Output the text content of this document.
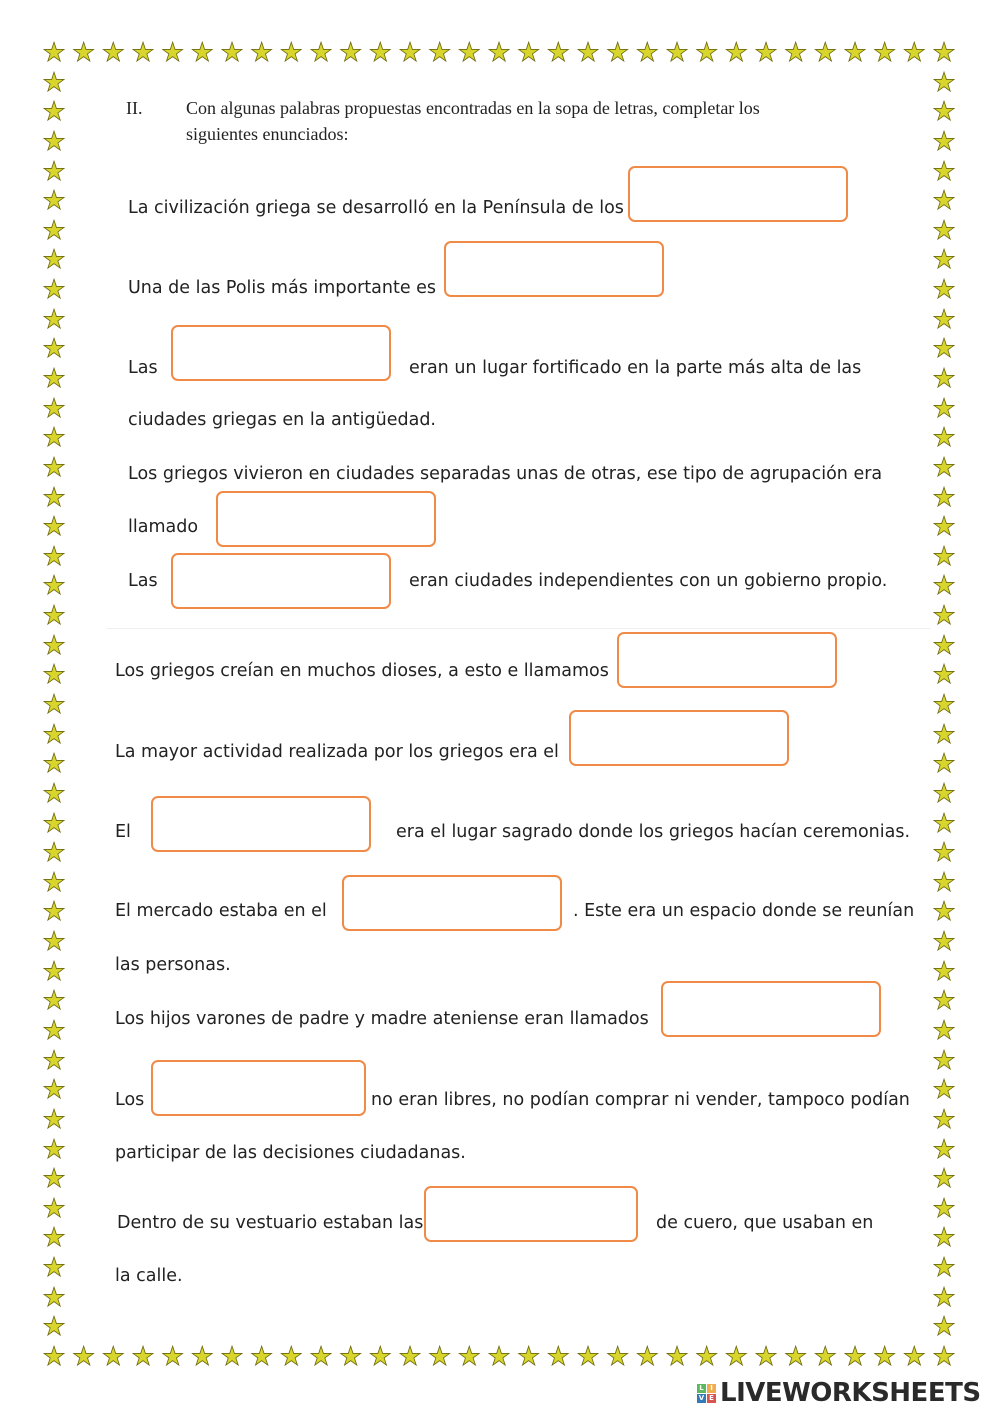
★
★
★
★
★
★
★
★
★
★
★
★
★
★
★
★
★
★
★
★
★
★
★
★
★
★
★
★
★
★
★
★
★
★
★
★
★
★
★
★
★
★
★
★
★
★
★
★
★
★
★
★
★
★
★
★
★
★
★
★
★
★
★	★
★	★
★	★
★	★
★	★
★	★
★	★
★	★
★	★
★	★
★	★
★	★
★	★
★	★
★	★
★	★
★	★
★	★
★	★
★	★
★	★
★	★
★	★
★	★
★	★
★	★
★	★
★	★
★	★
★	★
★	★
★	★
★	★
★	★
★	★
★	★
★	★
★	★
★	★
★	★
★	★
★	★
★	★
II. Con algunas palabras propuestas encontradas en la sopa de letras, completar los
siguientes enunciados:
La civilización griega se desarrolló en la Península de los
Una de las Polis más importante es
Las	eran un lugar fortificado en la parte más alta de las
ciudades griegas en la antigüedad.
Los griegos vivieron en ciudades separadas unas de otras, ese tipo de agrupación era
llamado
Las	eran ciudades independientes con un gobierno propio.
Los griegos creían en muchos dioses, a esto e llamamos
La mayor actividad realizada por los griegos era el
El	era el lugar sagrado donde los griegos hacían ceremonias.
El mercado estaba en el	. Este era un espacio donde se reunían
las personas.
Los hijos varones de padre y madre ateniense eran llamados
Los	no eran libres, no podían comprar ni vender, tampoco podían
participar de las decisiones ciudadanas.
Dentro de su vestuario estaban las	de cuero, que usaban en
la calle.
L I
V E LIVEWORKSHEETS
